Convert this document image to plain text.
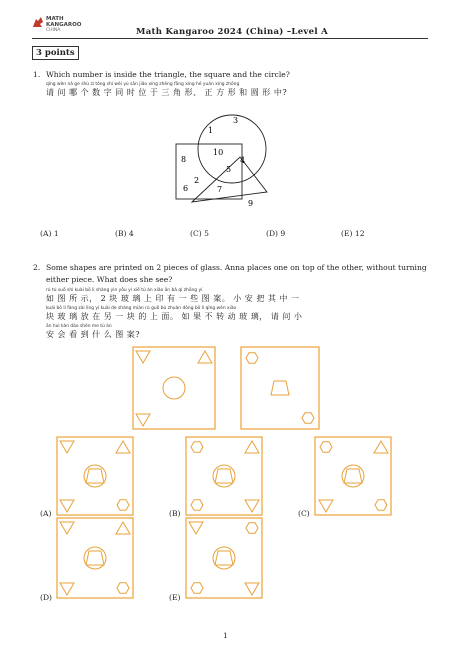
MATH
KANGAROO
CHINA	Math Kangaroo 2024 (China) –Level A
3 points
1. Which number is inside the triangle, the square and the circle?
qǐng wèn nǎ ge shù zì tóng shí wèi yú sān jiǎo xíng zhèng fāng xíng hé yuán xíng zhōng
请 问 哪 个 数 字 同 时 位 于 三 角 形、 正 方 形 和 圆 形 中?
3
1
10
4
8
5
2
6	7
9
(A) 1	(B) 4	(C) 5	(D) 9	(E) 12
2. Some shapes are printed on 2 pieces of glass. Anna places one on top of the other, without turning
either piece. What does she see?
rú tú suǒ shì kuài bō li shàng yìn yǒu yì xiē tú àn xiǎo ān bǎ qí zhōng yí
如 图 所 示， 2 块 玻 璃 上 印 有 一 些 图 案。 小 安 把 其 中 一
kuài bō li fàng zài lìng yí kuài de shàng miàn rú guǒ bù zhuàn dòng bō li qǐng wèn xiǎo
块 玻 璃 放 在 另 一 块 的 上 面。 如 果 不 转 动 玻 璃， 请 问 小
ān huì kàn dào shén me tú àn
安 会 看 到 什 么 图 案?
(A)	(B)	(C)
(D)	(E)
1
